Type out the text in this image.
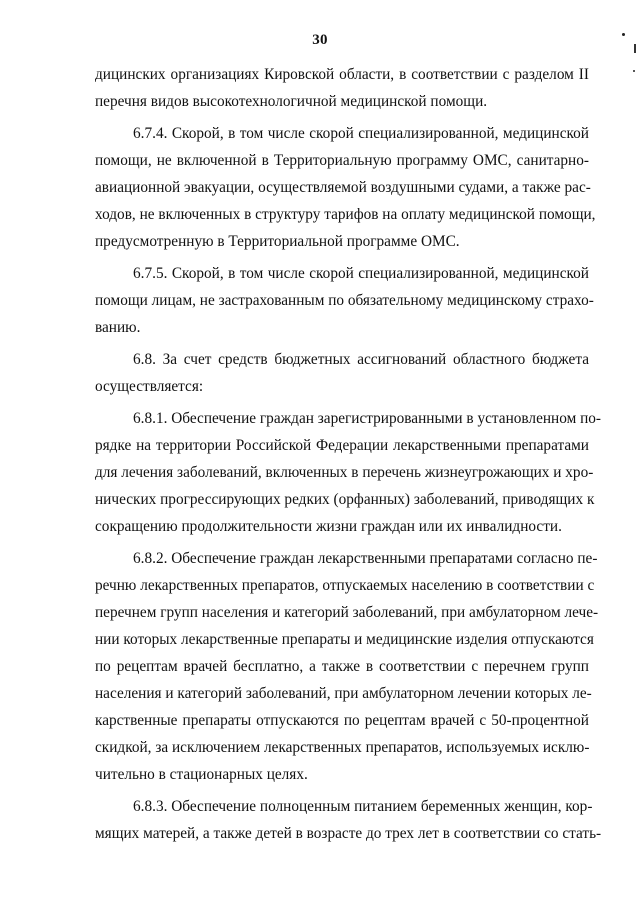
30
дицинских организациях Кировской области, в соответствии с разделом II
перечня видов высокотехнологичной медицинской помощи.
6.7.4. Скорой, в том числе скорой специализированной, медицинской
помощи, не включенной в Территориальную программу ОМС, санитарно-
авиационной эвакуации, осуществляемой воздушными судами, а также рас-
ходов, не включенных в структуру тарифов на оплату медицинской помощи,
предусмотренную в Территориальной программе ОМС.
6.7.5. Скорой, в том числе скорой специализированной, медицинской
помощи лицам, не застрахованным по обязательному медицинскому страхо-
ванию.
6.8. За счет средств бюджетных ассигнований областного бюджета
осуществляется:
6.8.1. Обеспечение граждан зарегистрированными в установленном по-
рядке на территории Российской Федерации лекарственными препаратами
для лечения заболеваний, включенных в перечень жизнеугрожающих и хро-
нических прогрессирующих редких (орфанных) заболеваний, приводящих к
сокращению продолжительности жизни граждан или их инвалидности.
6.8.2. Обеспечение граждан лекарственными препаратами согласно пе-
речню лекарственных препаратов, отпускаемых населению в соответствии с
перечнем групп населения и категорий заболеваний, при амбулаторном лече-
нии которых лекарственные препараты и медицинские изделия отпускаются
по рецептам врачей бесплатно, а также в соответствии с перечнем групп
населения и категорий заболеваний, при амбулаторном лечении которых ле-
карственные препараты отпускаются по рецептам врачей с 50-процентной
скидкой, за исключением лекарственных препаратов, используемых исклю-
чительно в стационарных целях.
6.8.3. Обеспечение полноценным питанием беременных женщин, кор-
мящих матерей, а также детей в возрасте до трех лет в соответствии со стать-
